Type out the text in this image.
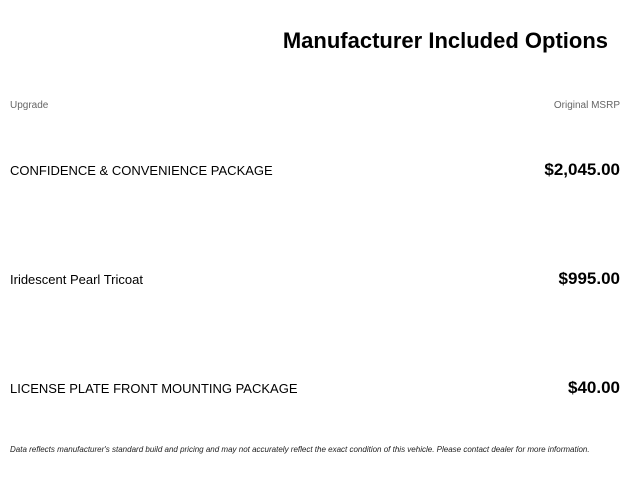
Manufacturer Included Options
Upgrade	Original MSRP
CONFIDENCE & CONVENIENCE PACKAGE	$2,045.00
Iridescent Pearl Tricoat	$995.00
LICENSE PLATE FRONT MOUNTING PACKAGE	$40.00
Data reflects manufacturer's standard build and pricing and may not accurately reflect the exact condition of this vehicle. Please contact dealer for more information.
